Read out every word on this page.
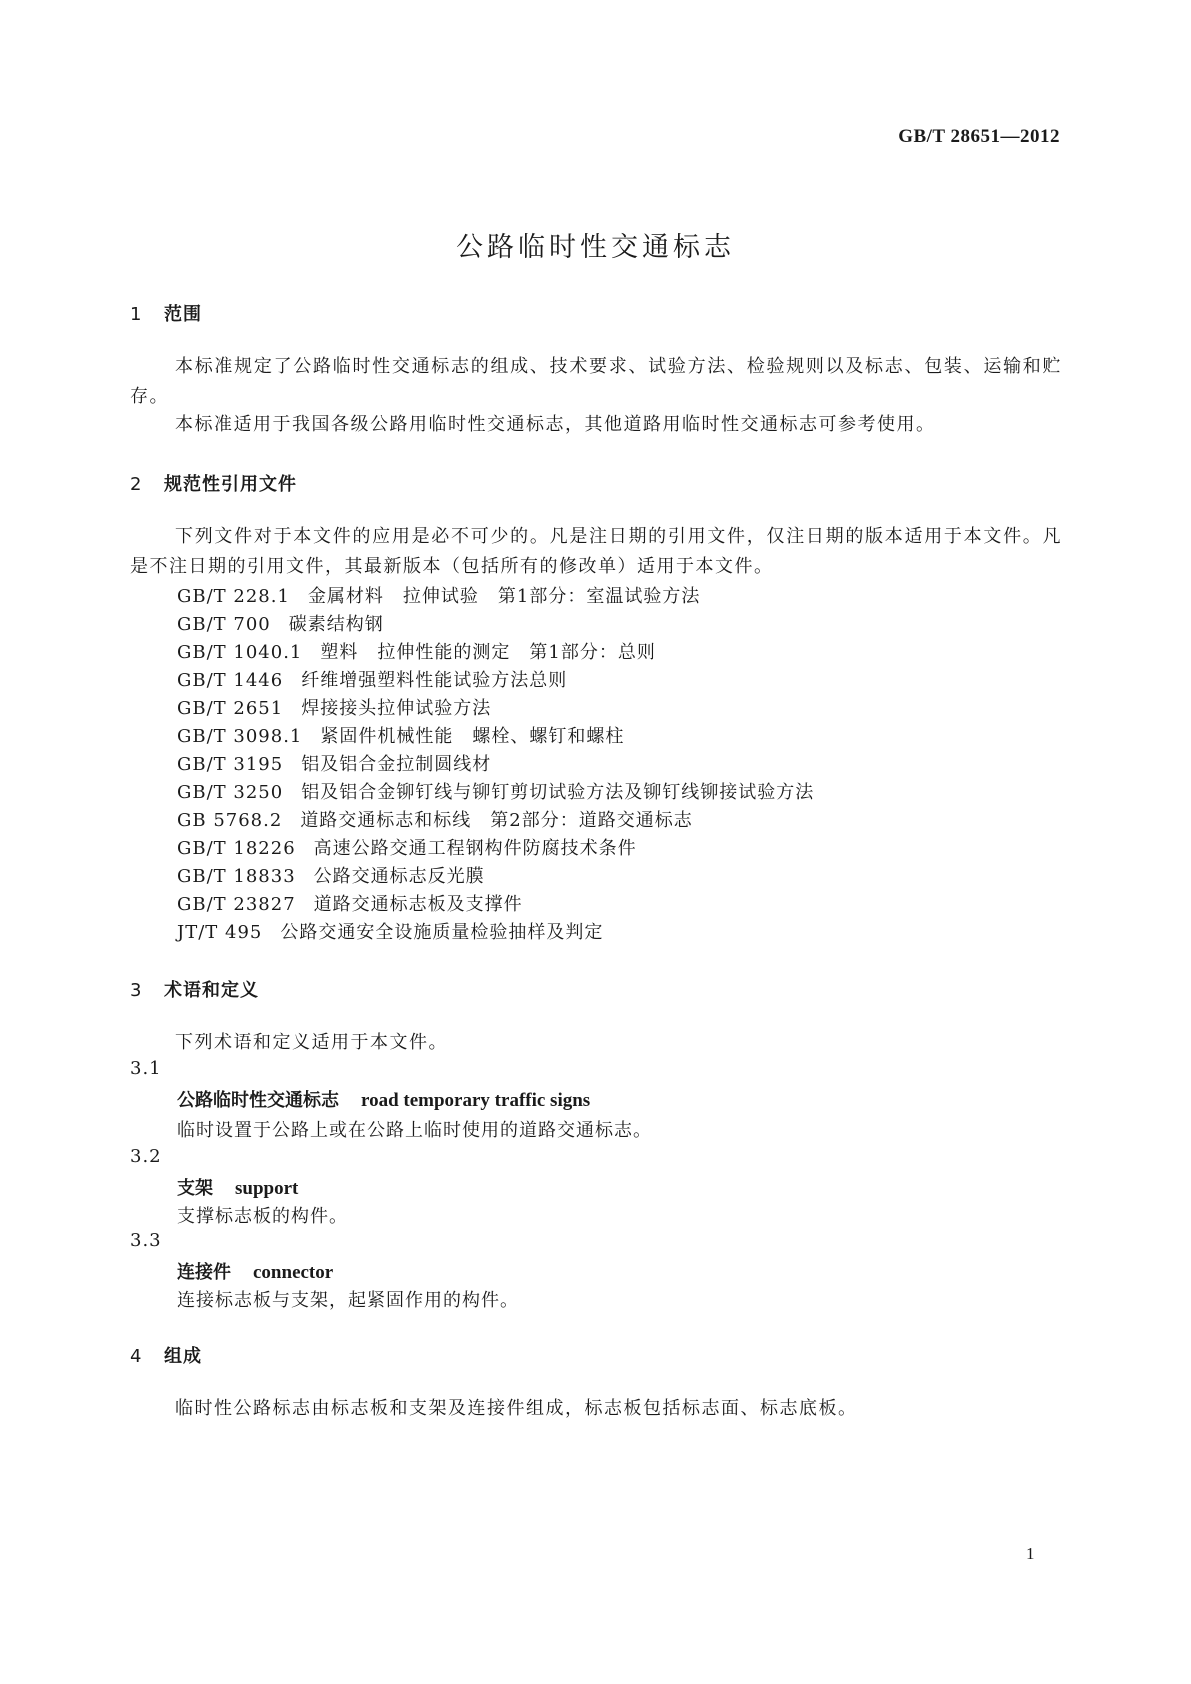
GB/T 28651—2012
公路临时性交通标志
1 范围
本标准规定了公路临时性交通标志的组成、技术要求、试验方法、检验规则以及标志、包装、运输和贮存。
本标准适用于我国各级公路用临时性交通标志，其他道路用临时性交通标志可参考使用。
2 规范性引用文件
下列文件对于本文件的应用是必不可少的。凡是注日期的引用文件，仅注日期的版本适用于本文件。凡是不注日期的引用文件，其最新版本（包括所有的修改单）适用于本文件。
GB/T 228.1 金属材料　拉伸试验　第1部分：室温试验方法
GB/T 700 碳素结构钢
GB/T 1040.1 塑料　拉伸性能的测定　第1部分：总则
GB/T 1446 纤维增强塑料性能试验方法总则
GB/T 2651 焊接接头拉伸试验方法
GB/T 3098.1 紧固件机械性能　螺栓、螺钉和螺柱
GB/T 3195 铝及铝合金拉制圆线材
GB/T 3250 铝及铝合金铆钉线与铆钉剪切试验方法及铆钉线铆接试验方法
GB 5768.2 道路交通标志和标线　第2部分：道路交通标志
GB/T 18226 高速公路交通工程钢构件防腐技术条件
GB/T 18833 公路交通标志反光膜
GB/T 23827 道路交通标志板及支撑件
JT/T 495 公路交通安全设施质量检验抽样及判定
3 术语和定义
下列术语和定义适用于本文件。
3.1
公路临时性交通标志 road temporary traffic signs
临时设置于公路上或在公路上临时使用的道路交通标志。
3.2
支架 support
支撑标志板的构件。
3.3
连接件 connector
连接标志板与支架，起紧固作用的构件。
4 组成
临时性公路标志由标志板和支架及连接件组成，标志板包括标志面、标志底板。
1
